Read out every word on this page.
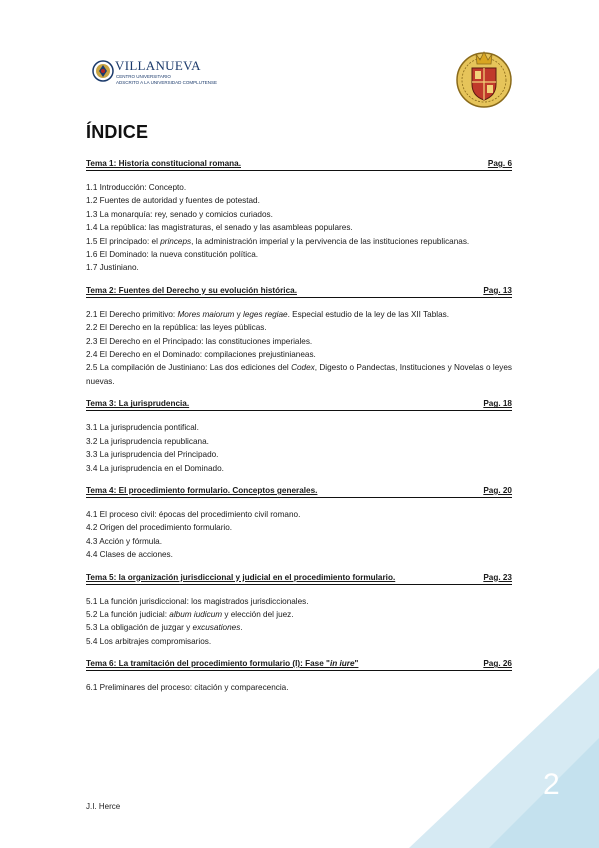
VILLANUEVA
CENTRO UNIVERSITARIO
ADSCRITO A LA UNIVERSIDAD COMPLUTENSE
ÍNDICE
Tema 1: Historia constitucional romana.	Pag. 6
1.1 Introducción: Concepto.
1.2 Fuentes de autoridad y fuentes de potestad.
1.3 La monarquía: rey, senado y comicios curiados.
1.4 La república: las magistraturas, el senado y las asambleas populares.
1.5 El principado: el princeps, la administración imperial y la pervivencia de las instituciones republicanas.
1.6 El Dominado: la nueva constitución política.
1.7 Justiniano.
Tema 2: Fuentes del Derecho y su evolución histórica.	Pag. 13
2.1 El Derecho primitivo: Mores maiorum y leges regiae. Especial estudio de la ley de las XII Tablas.
2.2 El Derecho en la república: las leyes públicas.
2.3 El Derecho en el Principado: las constituciones imperiales.
2.4 El Derecho en el Dominado: compilaciones prejustinianeas.
2.5 La compilación de Justiniano: Las dos ediciones del Codex, Digesto o Pandectas, Instituciones y Novelas o leyes nuevas.
Tema 3: La jurisprudencia.	Pag. 18
3.1 La jurisprudencia pontifical.
3.2 La jurisprudencia republicana.
3.3 La jurisprudencia del Principado.
3.4 La jurisprudencia en el Dominado.
Tema 4: El procedimiento formulario. Conceptos generales.	Pag. 20
4.1 El proceso civil: épocas del procedimiento civil romano.
4.2 Origen del procedimiento formulario.
4.3 Acción y fórmula.
4.4 Clases de acciones.
Tema 5: la organización jurisdiccional y judicial en el procedimiento formulario.	Pag. 23
5.1 La función jurisdiccional: los magistrados jurisdiccionales.
5.2 La función judicial: album iudicum y elección del juez.
5.3 La obligación de juzgar y excusationes.
5.4 Los arbitrajes compromisarios.
Tema 6: La tramitación del procedimiento formulario (I): Fase "in iure"	Pag. 26
6.1 Preliminares del proceso: citación y comparecencia.
2
J.I. Herce
